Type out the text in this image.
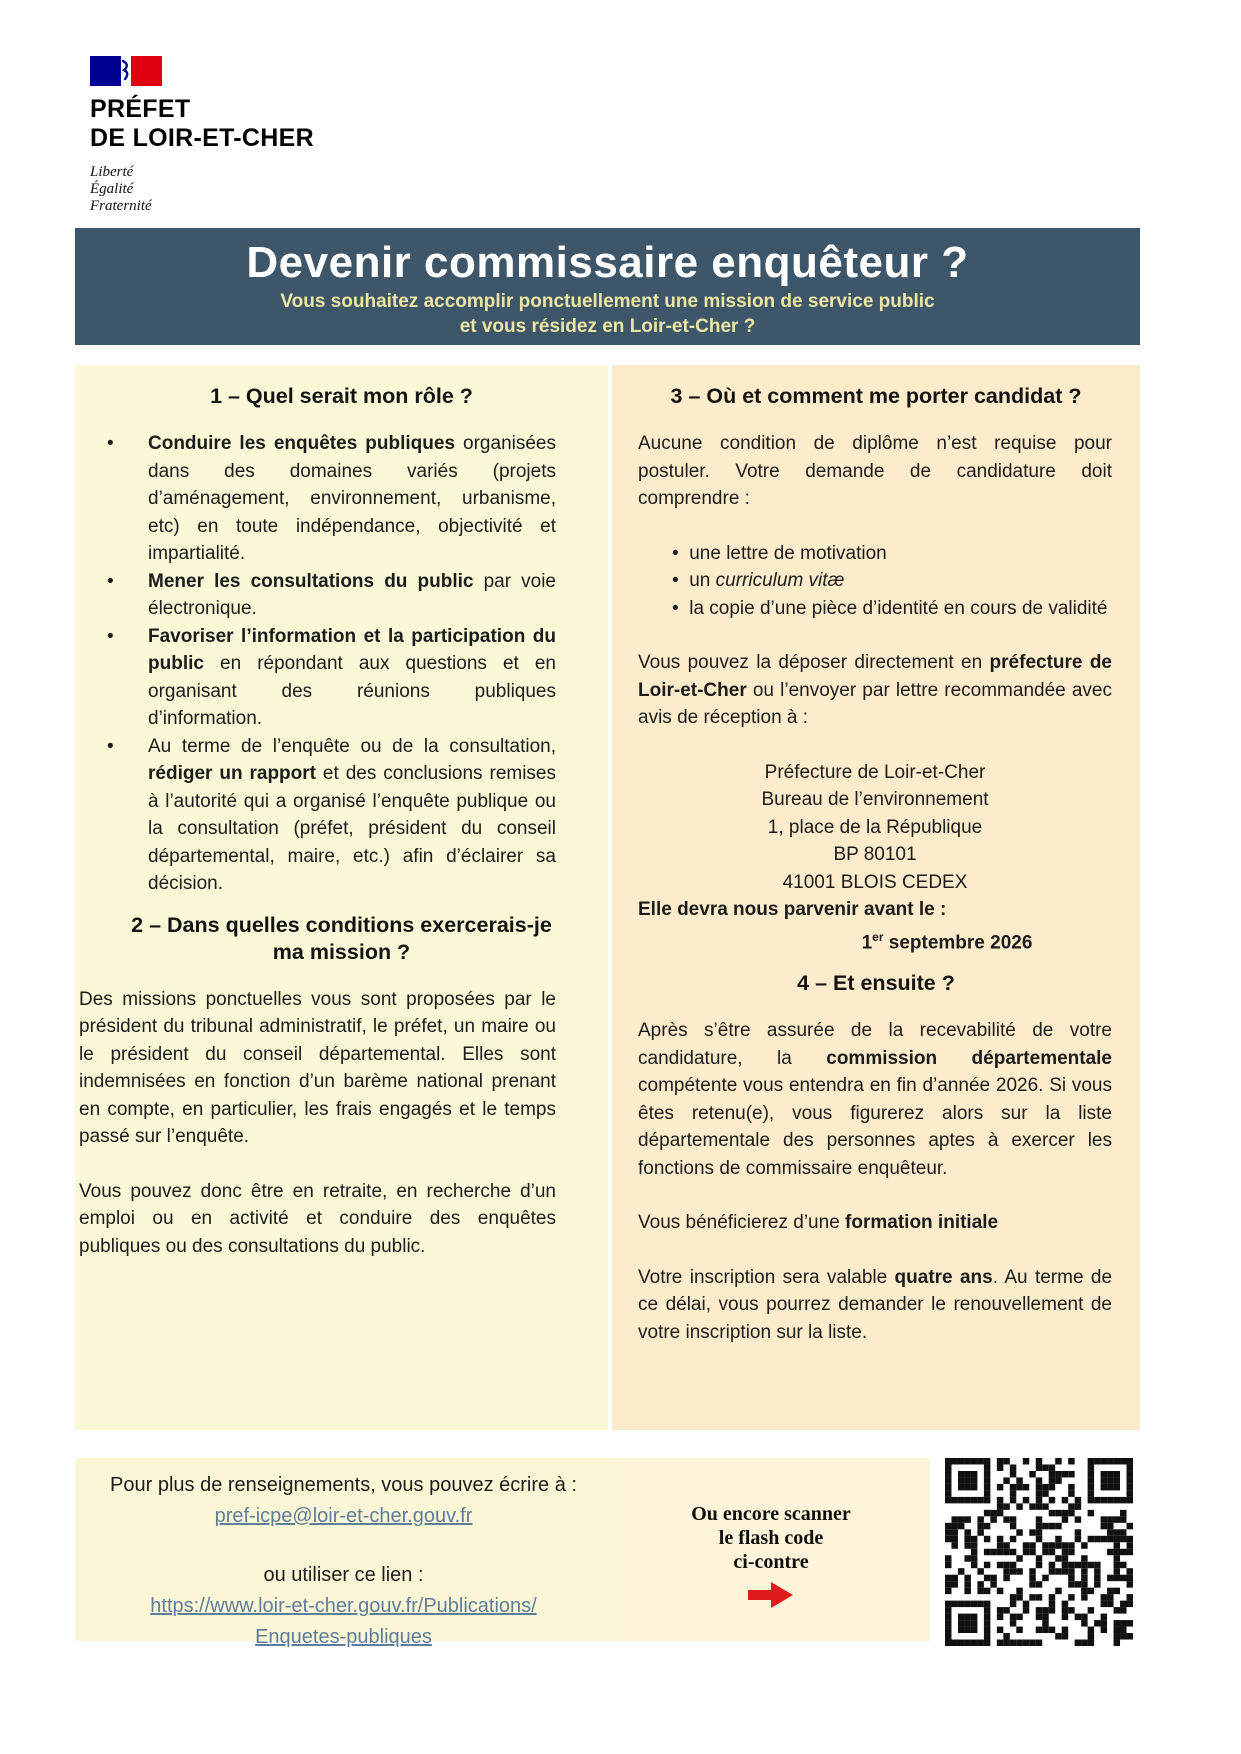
PRÉFET
DE LOIR-ET-CHER
Liberté
Égalité
Fraternité
Devenir commissaire enquêteur ?
Vous souhaitez accomplir ponctuellement une mission de service public
et vous résidez en Loir-et-Cher ?
1 – Quel serait mon rôle ?
• Conduire les enquêtes publiques organisées dans des domaines variés (projets d’aménagement, environnement, urbanisme, etc) en toute indépendance, objectivité et impartialité.
• Mener les consultations du public par voie électronique.
• Favoriser l’information et la participation du public en répondant aux questions et en organisant des réunions publiques d’information.
• Au terme de l’enquête ou de la consultation, rédiger un rapport et des conclusions remises à l’autorité qui a organisé l’enquête publique ou la consultation (préfet, président du conseil départemental, maire, etc.) afin d’éclairer sa décision.
2 – Dans quelles conditions exercerais-je
ma mission ?

Des missions ponctuelles vous sont proposées par le président du tribunal administratif, le préfet, un maire ou le président du conseil départemental. Elles sont indemnisées en fonction d’un barème national prenant en compte, en particulier, les frais engagés et le temps passé sur l’enquête.

Vous pouvez donc être en retraite, en recherche d’un emploi ou en activité et conduire des enquêtes publiques ou des consultations du public.

3 – Où et comment me porter candidat ?

Aucune condition de diplôme n’est requise pour postuler. Votre demande de candidature doit comprendre :

•  une lettre de motivation
•  un curriculum vitæ
•  la copie d’une pièce d’identité en cours de validité

Vous pouvez la déposer directement en préfecture de Loir-et-Cher ou l’envoyer par lettre recommandée avec avis de réception à :

Préfecture de Loir-et-Cher
Bureau de l’environnement
1, place de la République
BP 80101
41001 BLOIS CEDEX
Elle devra nous parvenir avant le :
1er septembre 2026
4 – Et ensuite ?

Après s’être assurée de la recevabilité de votre candidature, la commission départementale compétente vous entendra en fin d’année 2026. Si vous êtes retenu(e), vous figurerez alors sur la liste départementale des personnes aptes à exercer les fonctions de commissaire enquêteur.

Vous bénéficierez d’une formation initiale

Votre inscription sera valable quatre ans. Au terme de ce délai, vous pourrez demander le renouvellement de votre inscription sur la liste.

Pour plus de renseignements, vous pouvez écrire à :
pref-icpe@loir-et-cher.gouv.fr
ou utiliser ce lien :
https://www.loir-et-cher.gouv.fr/Publications/
Enquetes-publiques
Ou encore scanner
le flash code
ci-contre
